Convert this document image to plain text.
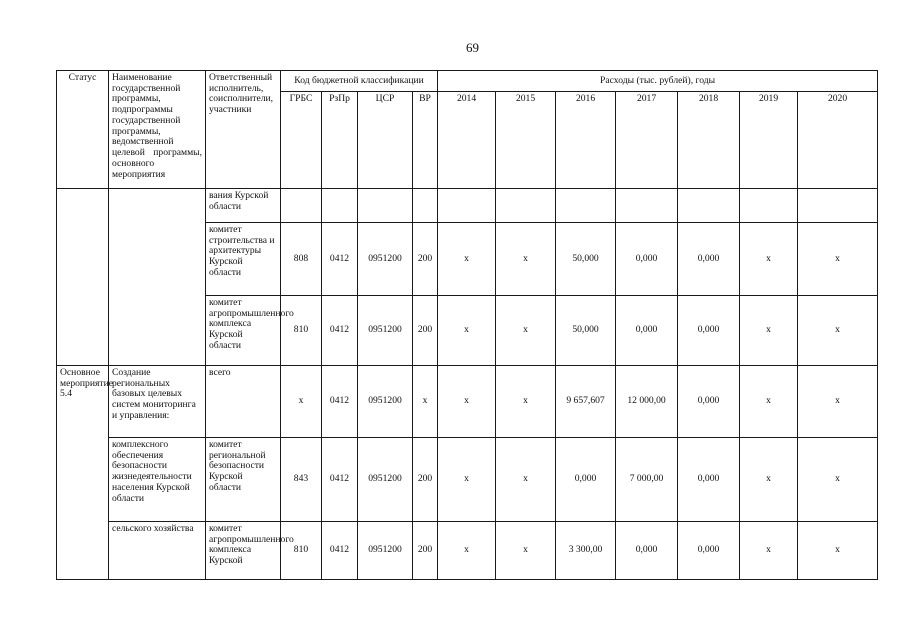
69
Статус	Наименование государственной программы, подпрограммы государственной программы, ведомственной целевой программы, основного мероприятия	Ответственный исполнитель, соисполнители, участники	Код бюджетной классификации				Расходы (тыс. рублей), годы						
			ГРБС	РзПр	ЦСР	ВР	2014	2015	2016	2017	2018	2019	2020
		вания Курской области											
		комитет строительства и архитектуры Курской области	808	0412	0951200	200	x	x	50,000	0,000	0,000	x	x
		комитет агропромышленного комплекса Курской области	810	0412	0951200	200	x	x	50,000	0,000	0,000	x	x
Основное мероприятие 5.4	Создание региональных базовых целевых систем мониторинга и управления:	всего	x	0412	0951200	x	x	x	9 657,607	12 000,00	0,000	x	x
	комплексного обеспечения безопасности жизнедеятельности населения Курской области	комитет региональной безопасности Курской области	843	0412	0951200	200	x	x	0,000	7 000,00	0,000	x	x
	сельского хозяйства	комитет агропромышленного комплекса Курской	810	0412	0951200	200	x	x	3 300,00	0,000	0,000	x	x
